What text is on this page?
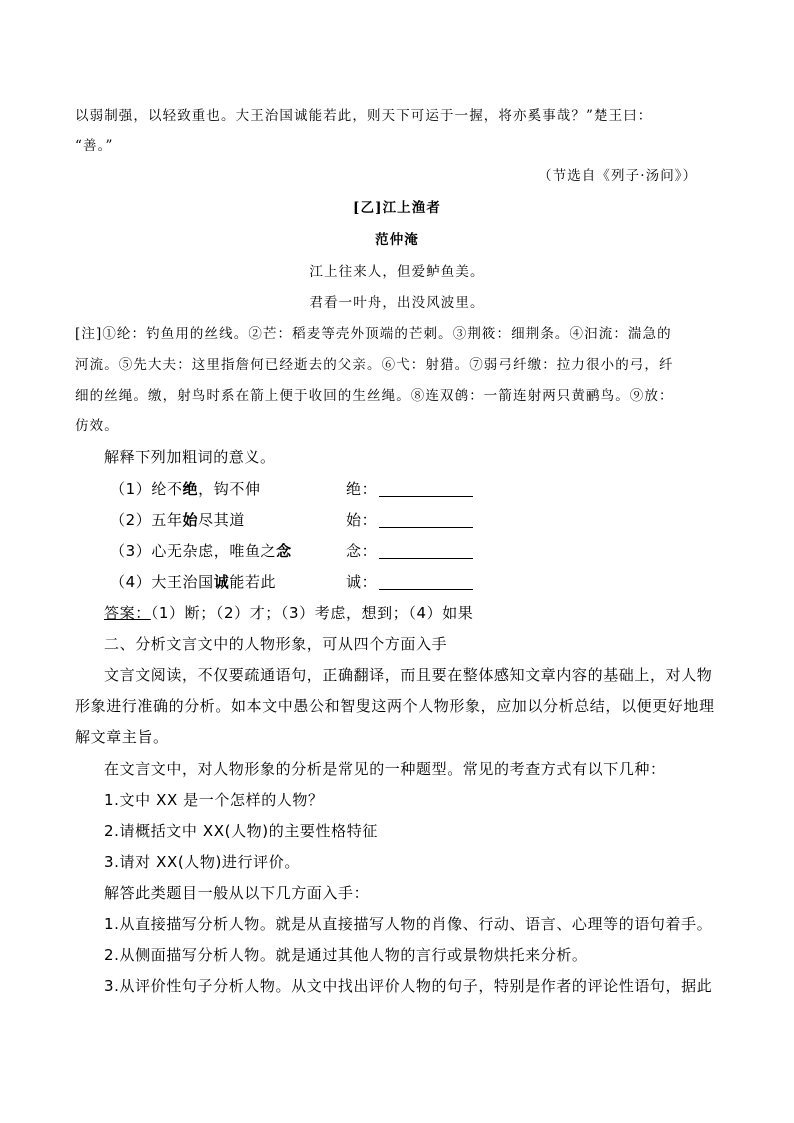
以弱制强，以轻致重也。大王治国诚能若此，则天下可运于一握，将亦奚事哉？”楚王曰：
“善。”
（节选自《列子·汤问》）
[乙]江上渔者
范仲淹
江上往来人，但爱鲈鱼美。
君看一叶舟，出没风波里。
[注]①纶：钓鱼用的丝线。②芒：稻麦等壳外顶端的芒刺。③荆筱：细荆条。④汩流：湍急的
河流。⑤先大夫：这里指詹何已经逝去的父亲。⑥弋：射猎。⑦弱弓纤缴：拉力很小的弓，纤
细的丝绳。缴，射鸟时系在箭上便于收回的生丝绳。⑧连双鸧：一箭连射两只黄鹂鸟。⑨放：
仿效。
解释下列加粗词的意义。
（1）纶不绝，钩不伸	绝：
（2）五年始尽其道	始：
（3）心无杂虑，唯鱼之念	念：
（4）大王治国诚能若此	诚：
答案：（1）断；（2）才；（3）考虑，想到；（4）如果
二、分析文言文中的人物形象，可从四个方面入手
文言文阅读，不仅要疏通语句，正确翻译，而且要在整体感知文章内容的基础上，对人物
形象进行准确的分析。如本文中愚公和智叟这两个人物形象，应加以分析总结，以便更好地理
解文章主旨。
在文言文中，对人物形象的分析是常见的一种题型。常见的考查方式有以下几种：
1.文中 XX 是一个怎样的人物？
2.请概括文中 XX(人物)的主要性格特征
3.请对 XX(人物)进行评价。
解答此类题目一般从以下几方面入手：
1.从直接描写分析人物。就是从直接描写人物的肖像、行动、语言、心理等的语句着手。
2.从侧面描写分析人物。就是通过其他人物的言行或景物烘托来分析。
3.从评价性句子分析人物。从文中找出评价人物的句子，特别是作者的评论性语句，据此
